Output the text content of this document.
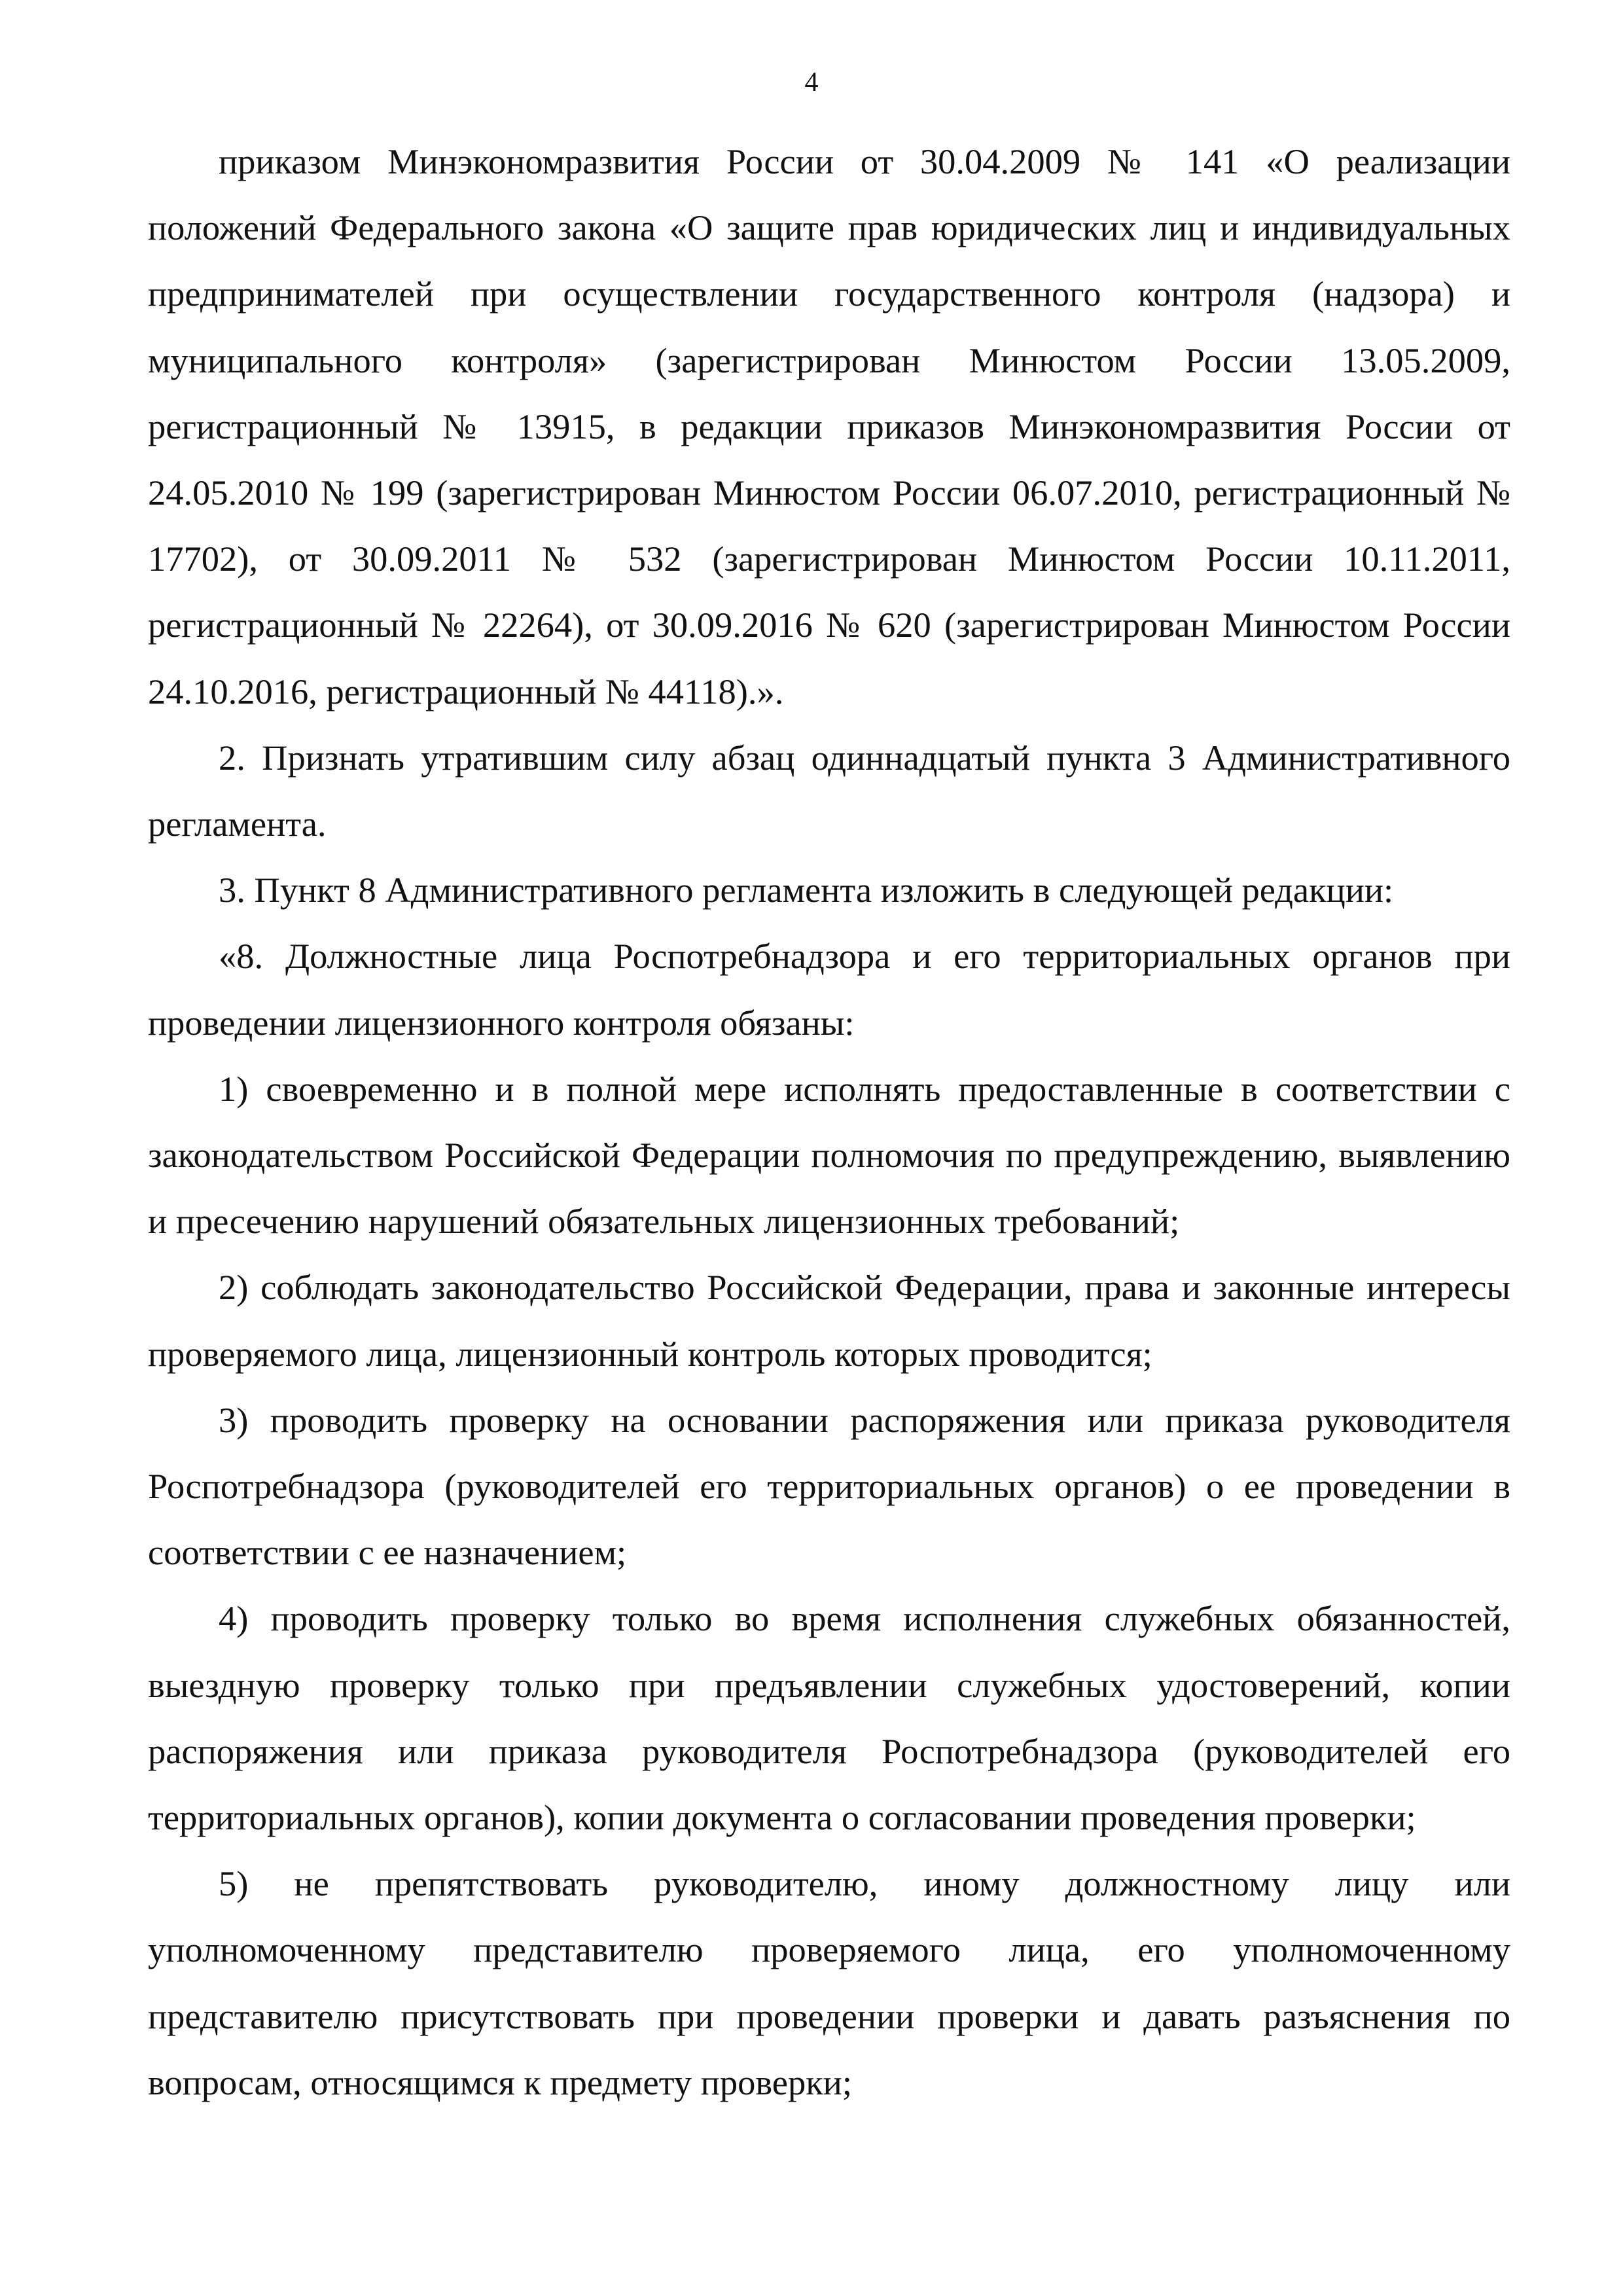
4

приказом Минэкономразвития России от 30.04.2009 № 141 «О реализации положений Федерального закона «О защите прав юридических лиц и индивидуальных предпринимателей при осуществлении государственного контроля (надзора) и муниципального контроля» (зарегистрирован Минюстом России 13.05.2009, регистрационный № 13915, в редакции приказов Минэкономразвития России от 24.05.2010 № 199 (зарегистрирован Минюстом России 06.07.2010, регистрационный № 17702), от 30.09.2011 № 532 (зарегистрирован Минюстом России 10.11.2011, регистрационный № 22264), от 30.09.2016 № 620 (зарегистрирован Минюстом России 24.10.2016, регистрационный № 44118).».

2. Признать утратившим силу абзац одиннадцатый пункта 3 Административного регламента.

3. Пункт 8 Административного регламента изложить в следующей редакции:

«8. Должностные лица Роспотребнадзора и его территориальных органов при проведении лицензионного контроля обязаны:

1) своевременно и в полной мере исполнять предоставленные в соответствии с законодательством Российской Федерации полномочия по предупреждению, выявлению и пресечению нарушений обязательных лицензионных требований;

2) соблюдать законодательство Российской Федерации, права и законные интересы проверяемого лица, лицензионный контроль которых проводится;

3) проводить проверку на основании распоряжения или приказа руководителя Роспотребнадзора (руководителей его территориальных органов) о ее проведении в соответствии с ее назначением;

4) проводить проверку только во время исполнения служебных обязанностей, выездную проверку только при предъявлении служебных удостоверений, копии распоряжения или приказа руководителя Роспотребнадзора (руководителей его территориальных органов), копии документа о согласовании проведения проверки;

5) не препятствовать руководителю, иному должностному лицу или уполномоченному представителю проверяемого лица, его уполномоченному представителю присутствовать при проведении проверки и давать разъяснения по вопросам, относящимся к предмету проверки;
